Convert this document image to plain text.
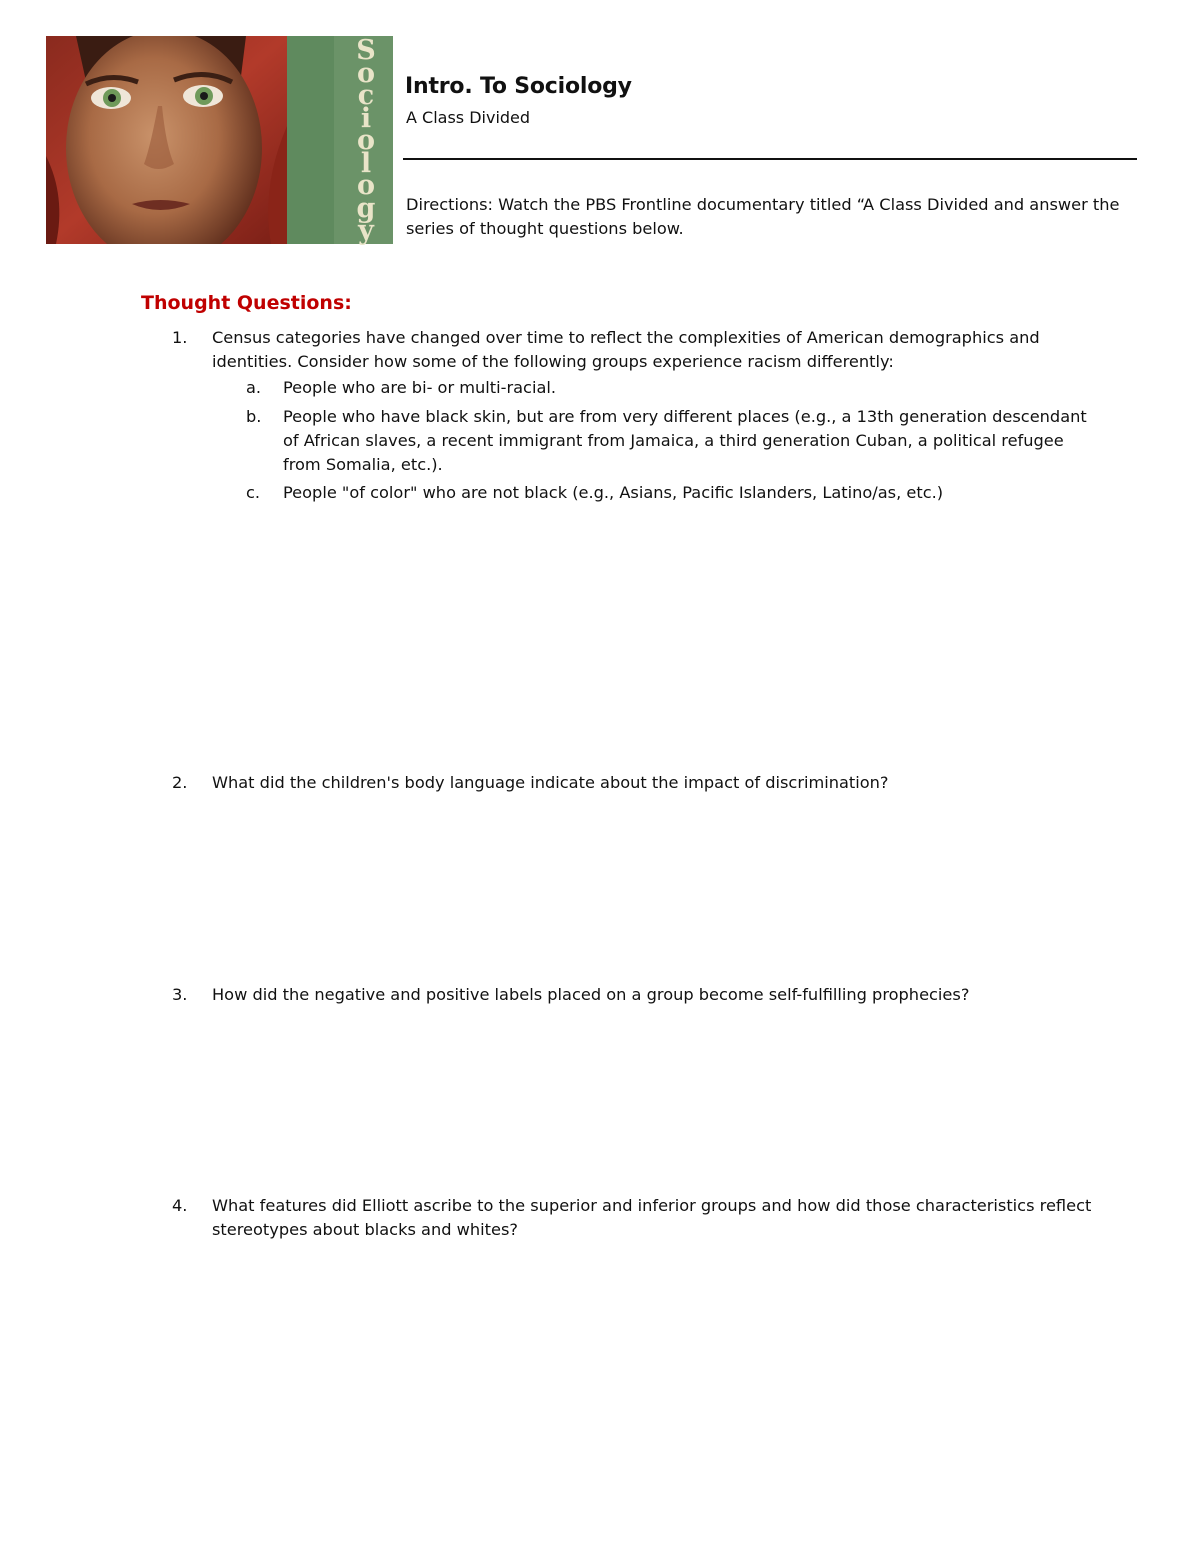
Sociology
Intro. To Sociology
A Class Divided
Directions: Watch the PBS Frontline documentary titled “A Class Divided and answer the series of thought questions below.
Thought Questions:
1. Census categories have changed over time to reflect the complexities of American demographics and identities. Consider how some of the following groups experience racism differently:
a. People who are bi- or multi-racial.
b. People who have black skin, but are from very different places (e.g., a 13th generation descendant of African slaves, a recent immigrant from Jamaica, a third generation Cuban, a political refugee from Somalia, etc.).
c. People "of color" who are not black (e.g., Asians, Pacific Islanders, Latino/as, etc.)
2. What did the children's body language indicate about the impact of discrimination?
3. How did the negative and positive labels placed on a group become self-fulfilling prophecies?
4. What features did Elliott ascribe to the superior and inferior groups and how did those characteristics reflect stereotypes about blacks and whites?
